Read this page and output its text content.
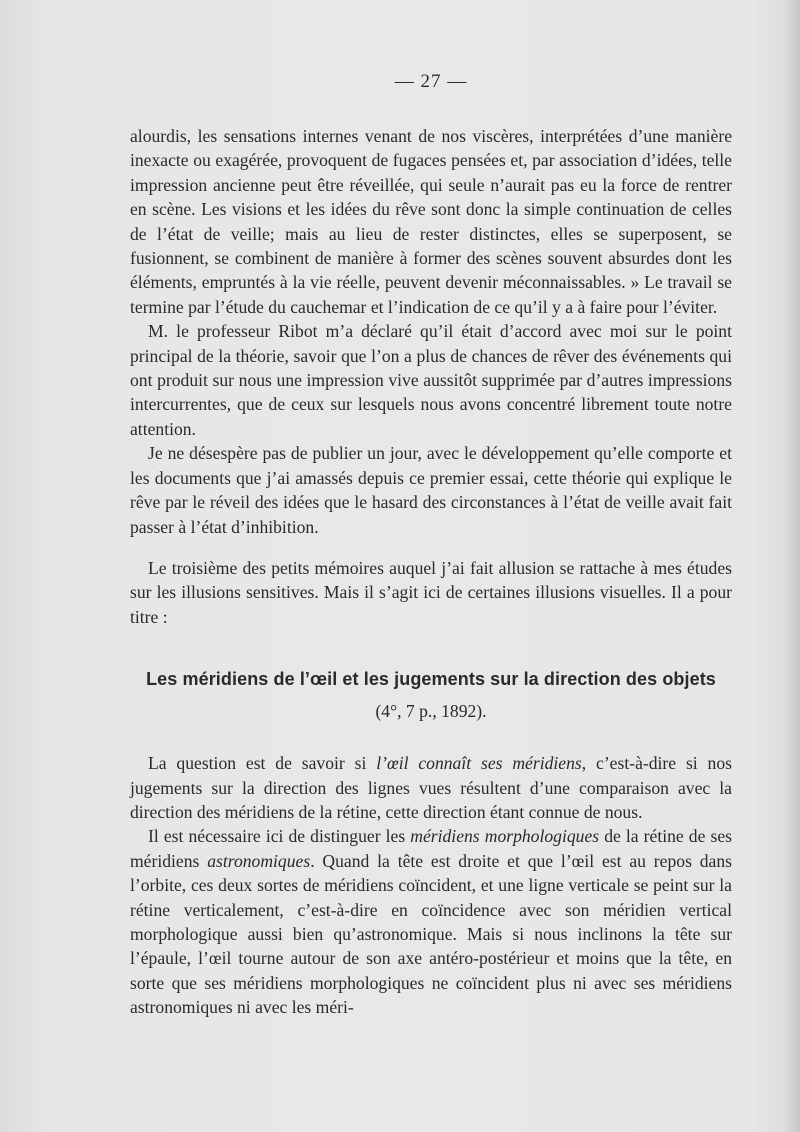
— 27 —

alourdis, les sensations internes venant de nos viscères, interprétées d’une manière inexacte ou exagérée, provoquent de fugaces pensées et, par association d’idées, telle impression ancienne peut être réveillée, qui seule n’aurait pas eu la force de rentrer en scène. Les visions et les idées du rêve sont donc la simple continuation de celles de l’état de veille; mais au lieu de rester distinctes, elles se superposent, se fusionnent, se combinent de manière à former des scènes souvent absurdes dont les éléments, empruntés à la vie réelle, peuvent devenir méconnaissables. » Le travail se termine par l’étude du cauchemar et l’indication de ce qu’il y a à faire pour l’éviter.

M. le professeur Ribot m’a déclaré qu’il était d’accord avec moi sur le point principal de la théorie, savoir que l’on a plus de chances de rêver des événements qui ont produit sur nous une impression vive aussitôt supprimée par d’autres impressions intercurrentes, que de ceux sur lesquels nous avons concentré librement toute notre attention.

Je ne désespère pas de publier un jour, avec le développement qu’elle comporte et les documents que j’ai amassés depuis ce premier essai, cette théorie qui explique le rêve par le réveil des idées que le hasard des circonstances à l’état de veille avait fait passer à l’état d’inhibition.

Le troisième des petits mémoires auquel j’ai fait allusion se rattache à mes études sur les illusions sensitives. Mais il s’agit ici de certaines illusions visuelles. Il a pour titre :

Les méridiens de l’œil et les jugements sur la direction des objets
(4°, 7 p., 1892).

La question est de savoir si l’œil connaît ses méridiens, c’est-à-dire si nos jugements sur la direction des lignes vues résultent d’une comparaison avec la direction des méridiens de la rétine, cette direction étant connue de nous.

Il est nécessaire ici de distinguer les méridiens morphologiques de la rétine de ses méridiens astronomiques. Quand la tête est droite et que l’œil est au repos dans l’orbite, ces deux sortes de méridiens coïncident, et une ligne verticale se peint sur la rétine verticalement, c’est-à-dire en coïncidence avec son méridien vertical morphologique aussi bien qu’astronomique. Mais si nous inclinons la tête sur l’épaule, l’œil tourne autour de son axe antéro-postérieur et moins que la tête, en sorte que ses méridiens morphologiques ne coïncident plus ni avec ses méridiens astronomiques ni avec les méri-
